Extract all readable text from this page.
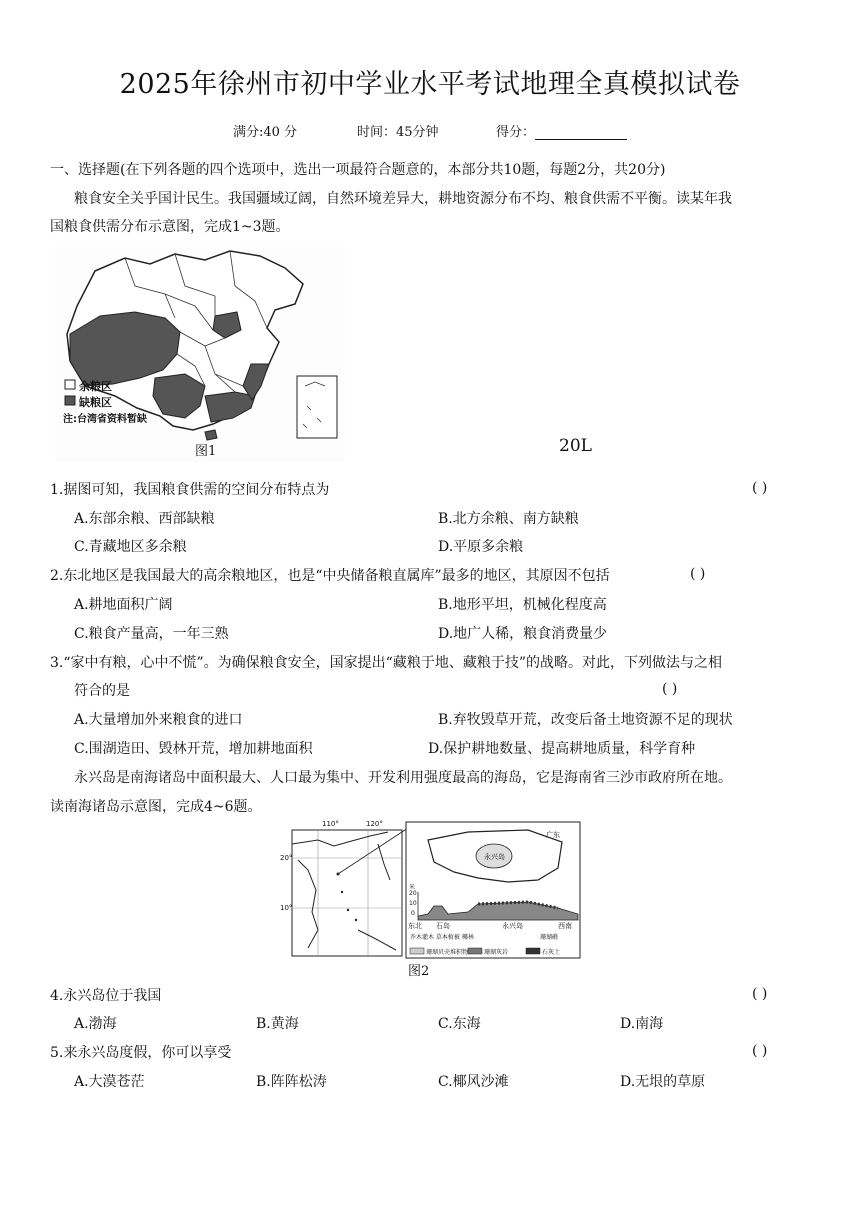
2025年徐州市初中学业水平考试地理全真模拟试卷
满分:40 分	时间：45分钟	得分：
一、选择题(在下列各题的四个选项中，选出一项最符合题意的，本部分共10题，每题2分，共20分)
粮食安全关乎国计民生。我国疆域辽阔，自然环境差异大，耕地资源分布不均、粮食供需不平衡。读某年我
国粮食供需分布示意图，完成1~3题。
余粮区
缺粮区
注:台湾省资料暂缺
图1	20L
1.据图可知，我国粮食供需的空间分布特点为	( )
A.东部余粮、西部缺粮	B.北方余粮、南方缺粮
C.青藏地区多余粮	D.平原多余粮
2.东北地区是我国最大的高余粮地区，也是“中央储备粮直属库”最多的地区，其原因不包括	( )
A.耕地面积广阔	B.地形平坦，机械化程度高
C.粮食产量高，一年三熟	D.地广人稀，粮食消费量少
3.“家中有粮，心中不慌”。为确保粮食安全，国家提出“藏粮于地、藏粮于技”的战略。对此，下列做法与之相
符合的是	( )
A.大量增加外来粮食的进口	B.弃牧毁草开荒，改变后备土地资源不足的现状
C.围湖造田、毁林开荒，增加耕地面积	D.保护耕地数量、提高耕地质量，科学育种
永兴岛是南海诸岛中面积最大、人口最为集中、开发利用强度最高的海岛，它是海南省三沙市政府所在地。
读南海诸岛示意图，完成4~6题。
110°	120°
20°
10°
广东
永兴岛
米
20
10
0
东北	西南
石岛	永兴岛
珊瑚礁
乔木灌木 草本植被 椰林
珊瑚贝壳堆积物	珊瑚灰岩	石灰土
图2
4.永兴岛位于我国	( )
A.渤海	B.黄海	C.东海	D.南海
5.来永兴岛度假，你可以享受	( )
A.大漠苍茫	B.阵阵松涛	C.椰风沙滩	D.无垠的草原
